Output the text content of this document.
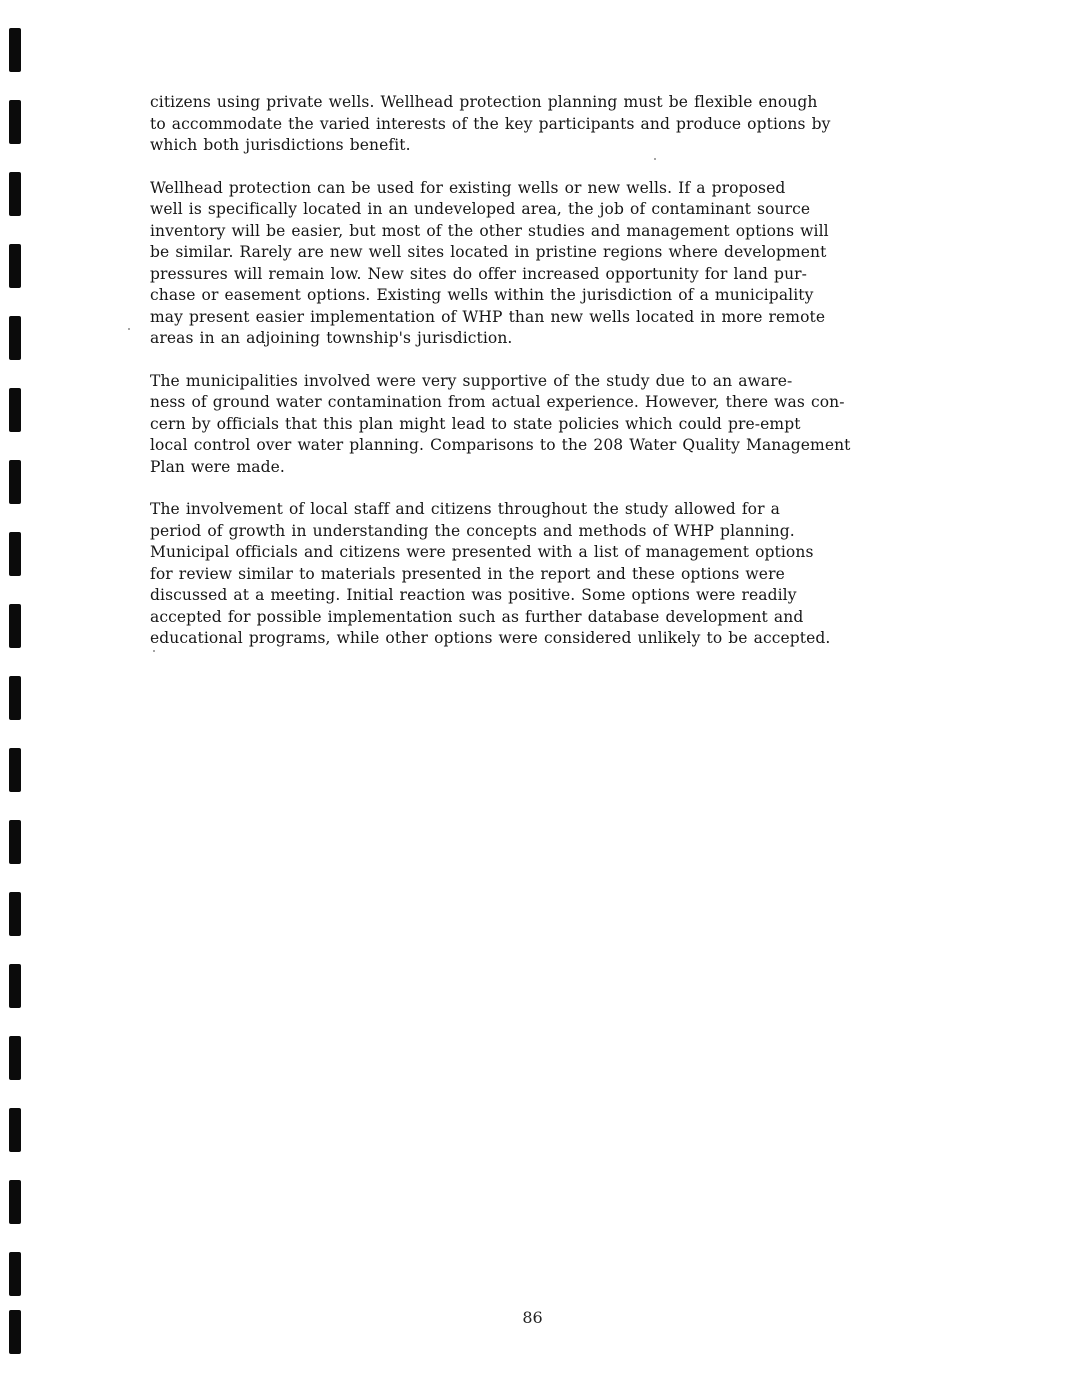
citizens using private wells. Wellhead protection planning must be flexible enough
to accommodate the varied interests of the key participants and produce options by
which both jurisdictions benefit.

Wellhead protection can be used for existing wells or new wells. If a proposed
well is specifically located in an undeveloped area, the job of contaminant source
inventory will be easier, but most of the other studies and management options will
be similar. Rarely are new well sites located in pristine regions where development
pressures will remain low. New sites do offer increased opportunity for land pur-
chase or easement options. Existing wells within the jurisdiction of a municipality
may present easier implementation of WHP than new wells located in more remote
areas in an adjoining township's jurisdiction.

The municipalities involved were very supportive of the study due to an aware-
ness of ground water contamination from actual experience. However, there was con-
cern by officials that this plan might lead to state policies which could pre-empt
local control over water planning. Comparisons to the 208 Water Quality Management
Plan were made.

The involvement of local staff and citizens throughout the study allowed for a
period of growth in understanding the concepts and methods of WHP planning.
Municipal officials and citizens were presented with a list of management options
for review similar to materials presented in the report and these options were
discussed at a meeting. Initial reaction was positive. Some options were readily
accepted for possible implementation such as further database development and
educational programs, while other options were considered unlikely to be accepted.

86
